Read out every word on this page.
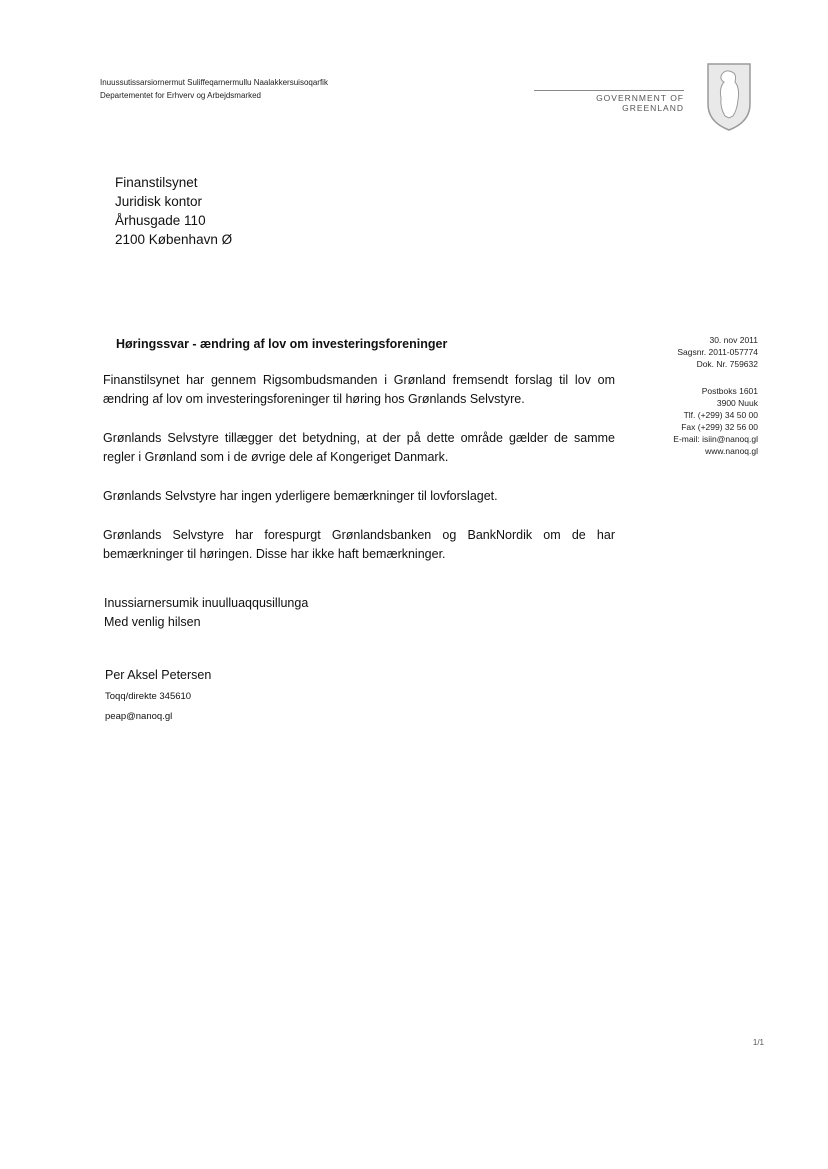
Inuussutissarsiornermut Suliffeqarnermullu Naalakkersuisoqarfik
Departementet for Erhverv og Arbejdsmarked	GOVERNMENT OF GREENLAND
Finanstilsynet
Juridisk kontor
Århusgade 110
2100 København Ø
Høringssvar - ændring af lov om investeringsforeninger	30. nov 2011
Sagsnr. 2011-057774
Dok. Nr. 759632
Postboks 1601
3900 Nuuk
Tlf. (+299) 34 50 00
Fax (+299) 32 56 00
E-mail: isiin@nanoq.gl
www.nanoq.gl

Finanstilsynet har gennem Rigsombudsmanden i Grønland fremsendt forslag til lov om ændring af lov om investeringsforeninger til høring hos Grønlands Selvstyre.

Grønlands Selvstyre tillægger det betydning, at der på dette område gælder de samme regler i Grønland som i de øvrige dele af Kongeriget Danmark.

Grønlands Selvstyre har ingen yderligere bemærkninger til lovforslaget.

Grønlands Selvstyre har forespurgt Grønlandsbanken og BankNordik om de har bemærkninger til høringen. Disse har ikke haft bemærkninger.

Inussiarnersumik inuulluaqqusillunga
Med venlig hilsen
Per Aksel Petersen
Toqq/direkte 345610
peap@nanoq.gl
1/1
